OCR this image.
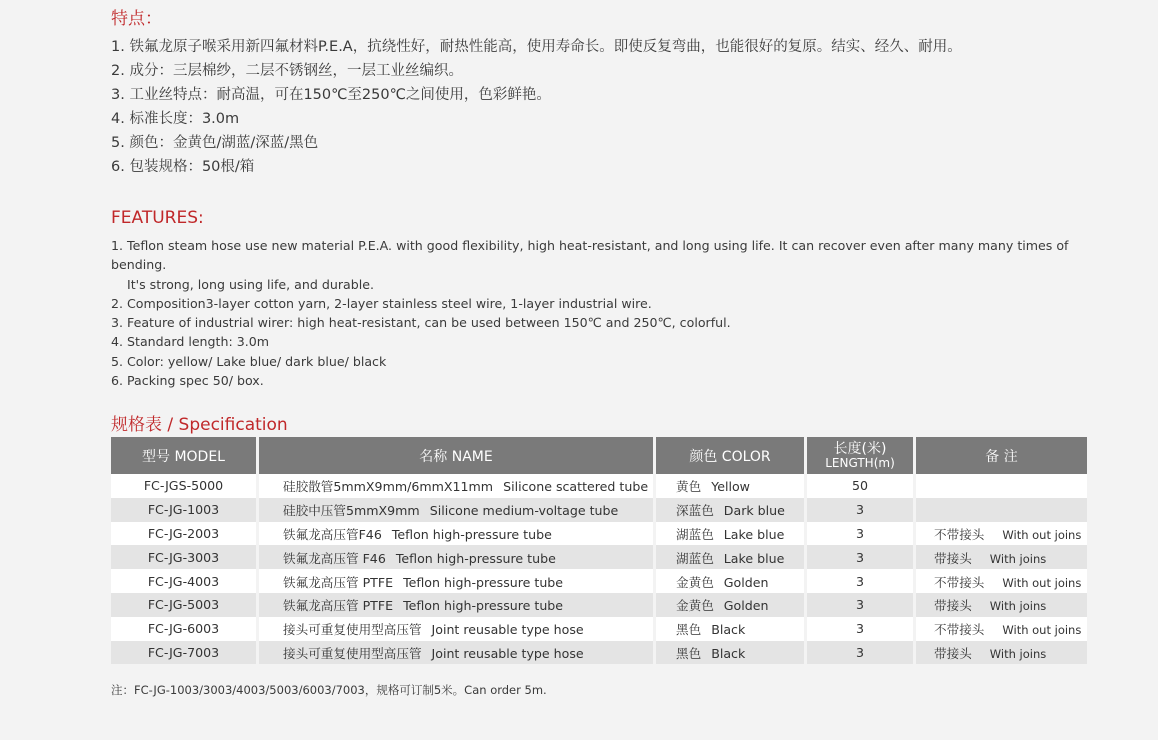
特点：
1. 铁氟龙原子喉采用新四氟材料P.E.A，抗绕性好，耐热性能高，使用寿命长。即使反复弯曲，也能很好的复原。结实、经久、耐用。
2. 成分：三层棉纱，二层不锈钢丝，一层工业丝编织。
3. 工业丝特点：耐高温，可在150℃至250℃之间使用，色彩鲜艳。
4. 标准长度：3.0m
5. 颜色：金黄色/湖蓝/深蓝/黑色
6. 包装规格：50根/箱
FEATURES:
1. Teflon steam hose use new material P.E.A. with good flexibility, high heat-resistant, and long using life. It can recover even after many many times of bending.
It's strong, long using life, and durable.
2. Composition3-layer cotton yarn, 2-layer stainless steel wire, 1-layer industrial wire.
3. Feature of industrial wirer: high heat-resistant, can be used between 150℃ and 250℃, colorful.
4. Standard length: 3.0m
5. Color: yellow/ Lake blue/ dark blue/ black
6. Packing spec 50/ box.
规格表 / Specification
型号 MODEL	名称 NAME	颜色 COLOR	长度(米)
LENGTH(m)	备 注
FC-JGS-5000	硅胶散管5mmX9mm/6mmX11mm Silicone scattered tube	黄色 Yellow	50	
FC-JG-1003	硅胶中压管5mmX9mm Silicone medium-voltage tube	深蓝色 Dark blue	3	
FC-JG-2003	铁氟龙高压管F46 Teflon high-pressure tube	湖蓝色 Lake blue	3	不带接头 With out joins
FC-JG-3003	铁氟龙高压管 F46 Teflon high-pressure tube	湖蓝色 Lake blue	3	带接头 With joins
FC-JG-4003	铁氟龙高压管 PTFE Teflon high-pressure tube	金黄色 Golden	3	不带接头 With out joins
FC-JG-5003	铁氟龙高压管 PTFE Teflon high-pressure tube	金黄色 Golden	3	带接头 With joins
FC-JG-6003	接头可重复使用型高压管 Joint reusable type hose	黑色 Black	3	不带接头 With out joins
FC-JG-7003	接头可重复使用型高压管 Joint reusable type hose	黑色 Black	3	带接头 With joins
注：FC-JG-1003/3003/4003/5003/6003/7003，规格可订制5米。Can order 5m.
